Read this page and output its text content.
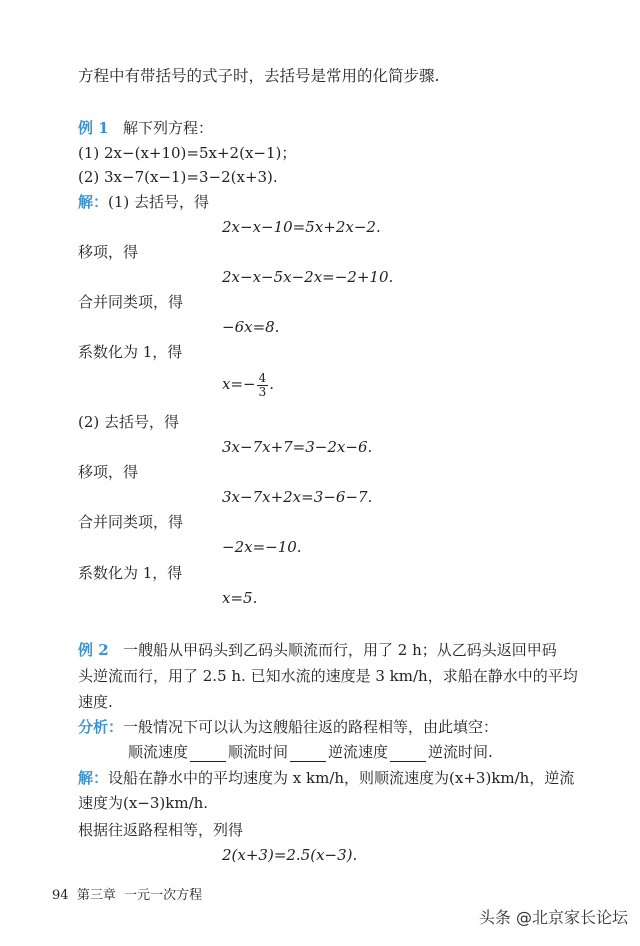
方程中有带括号的式子时，去括号是常用的化简步骤.
例 1 解下列方程：
(1) 2x−(x+10)=5x+2(x−1)；
(2) 3x−7(x−1)=3−2(x+3).
解：(1) 去括号，得
2x−x−10=5x+2x−2.
移项，得
2x−x−5x−2x=−2+10.
合并同类项，得
−6x=8.
系数化为 1，得
$x=- \frac{4}{3}$ .
(2) 去括号，得
3x−7x+7=3−2x−6.
移项，得
3x−7x+2x=3−6−7.
合并同类项，得
−2x=−10.
系数化为 1，得
x=5.
例 2 一艘船从甲码头到乙码头顺流而行，用了 2 h；从乙码头返回甲码
头逆流而行，用了 2.5 h. 已知水流的速度是 3 km/h，求船在静水中的平均
速度.
分析：一般情况下可以认为这艘船往返的路程相等，由此填空：
顺流速度	顺流时间	逆流速度	逆流时间.
解：设船在静水中的平均速度为 x km/h，则顺流速度为(x+3)km/h，逆流
速度为(x−3)km/h.
根据往返路程相等，列得
2(x+3)=2.5(x−3).
94 第三章 一元一次方程
头条 @北京家长论坛
